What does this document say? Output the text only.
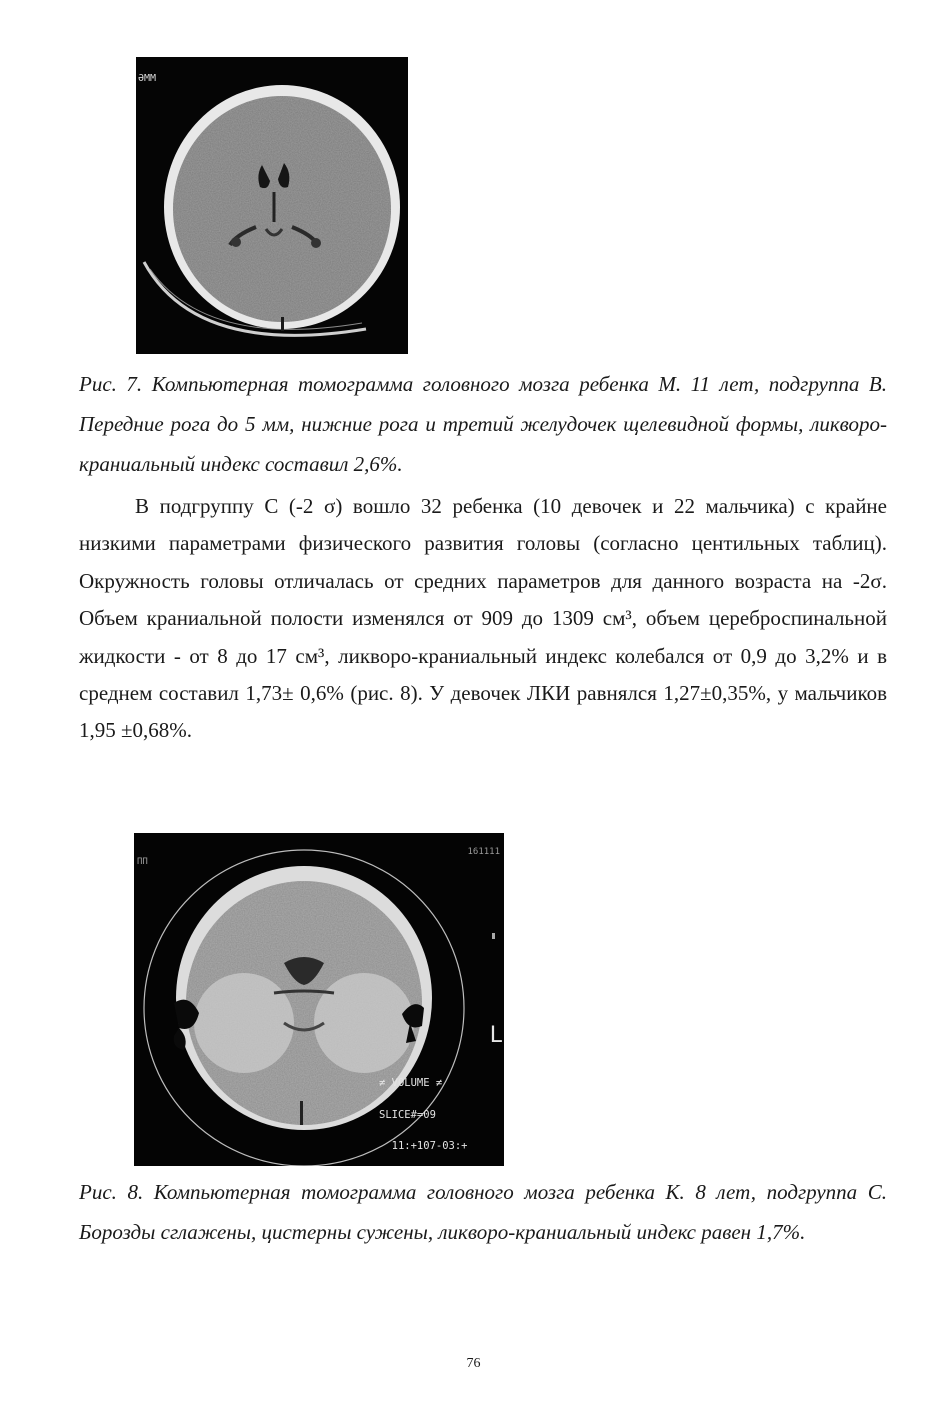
ƏMM
Рис. 7. Компьютерная томограмма головного мозга ребенка М. 11 лет, подгруппа В. Передние рога до 5 мм, нижние рога и третий желудочек щелевидной формы, ликворо-краниальный индекс составил 2,6%.
В подгруппу С (-2 σ) вошло 32 ребенка (10 девочек и 22 мальчика) с крайне низкими параметрами физического развития головы (согласно центильных таблиц). Окружность головы отличалась от средних параметров для данного возраста на -2σ. Объем краниальной полости изменялся от 909 до 1309 см³, объем цереброспинальной жидкости - от 8 до 17 см³, ликворо-краниальный индекс колебался от 0,9 до 3,2% и в среднем составил 1,73± 0,6% (рис. 8). У девочек ЛКИ равнялся 1,27±0,35%, у мальчиков 1,95 ±0,68%.
ПП
161111
L

≠ VOLUME ≠

SLICE#=09

11:+107-03:+

Рис. 8. Компьютерная томограмма головного мозга ребенка К. 8 лет, подгруппа С. Борозды сглажены, цистерны сужены, ликворо-краниальный индекс равен 1,7%.
76
